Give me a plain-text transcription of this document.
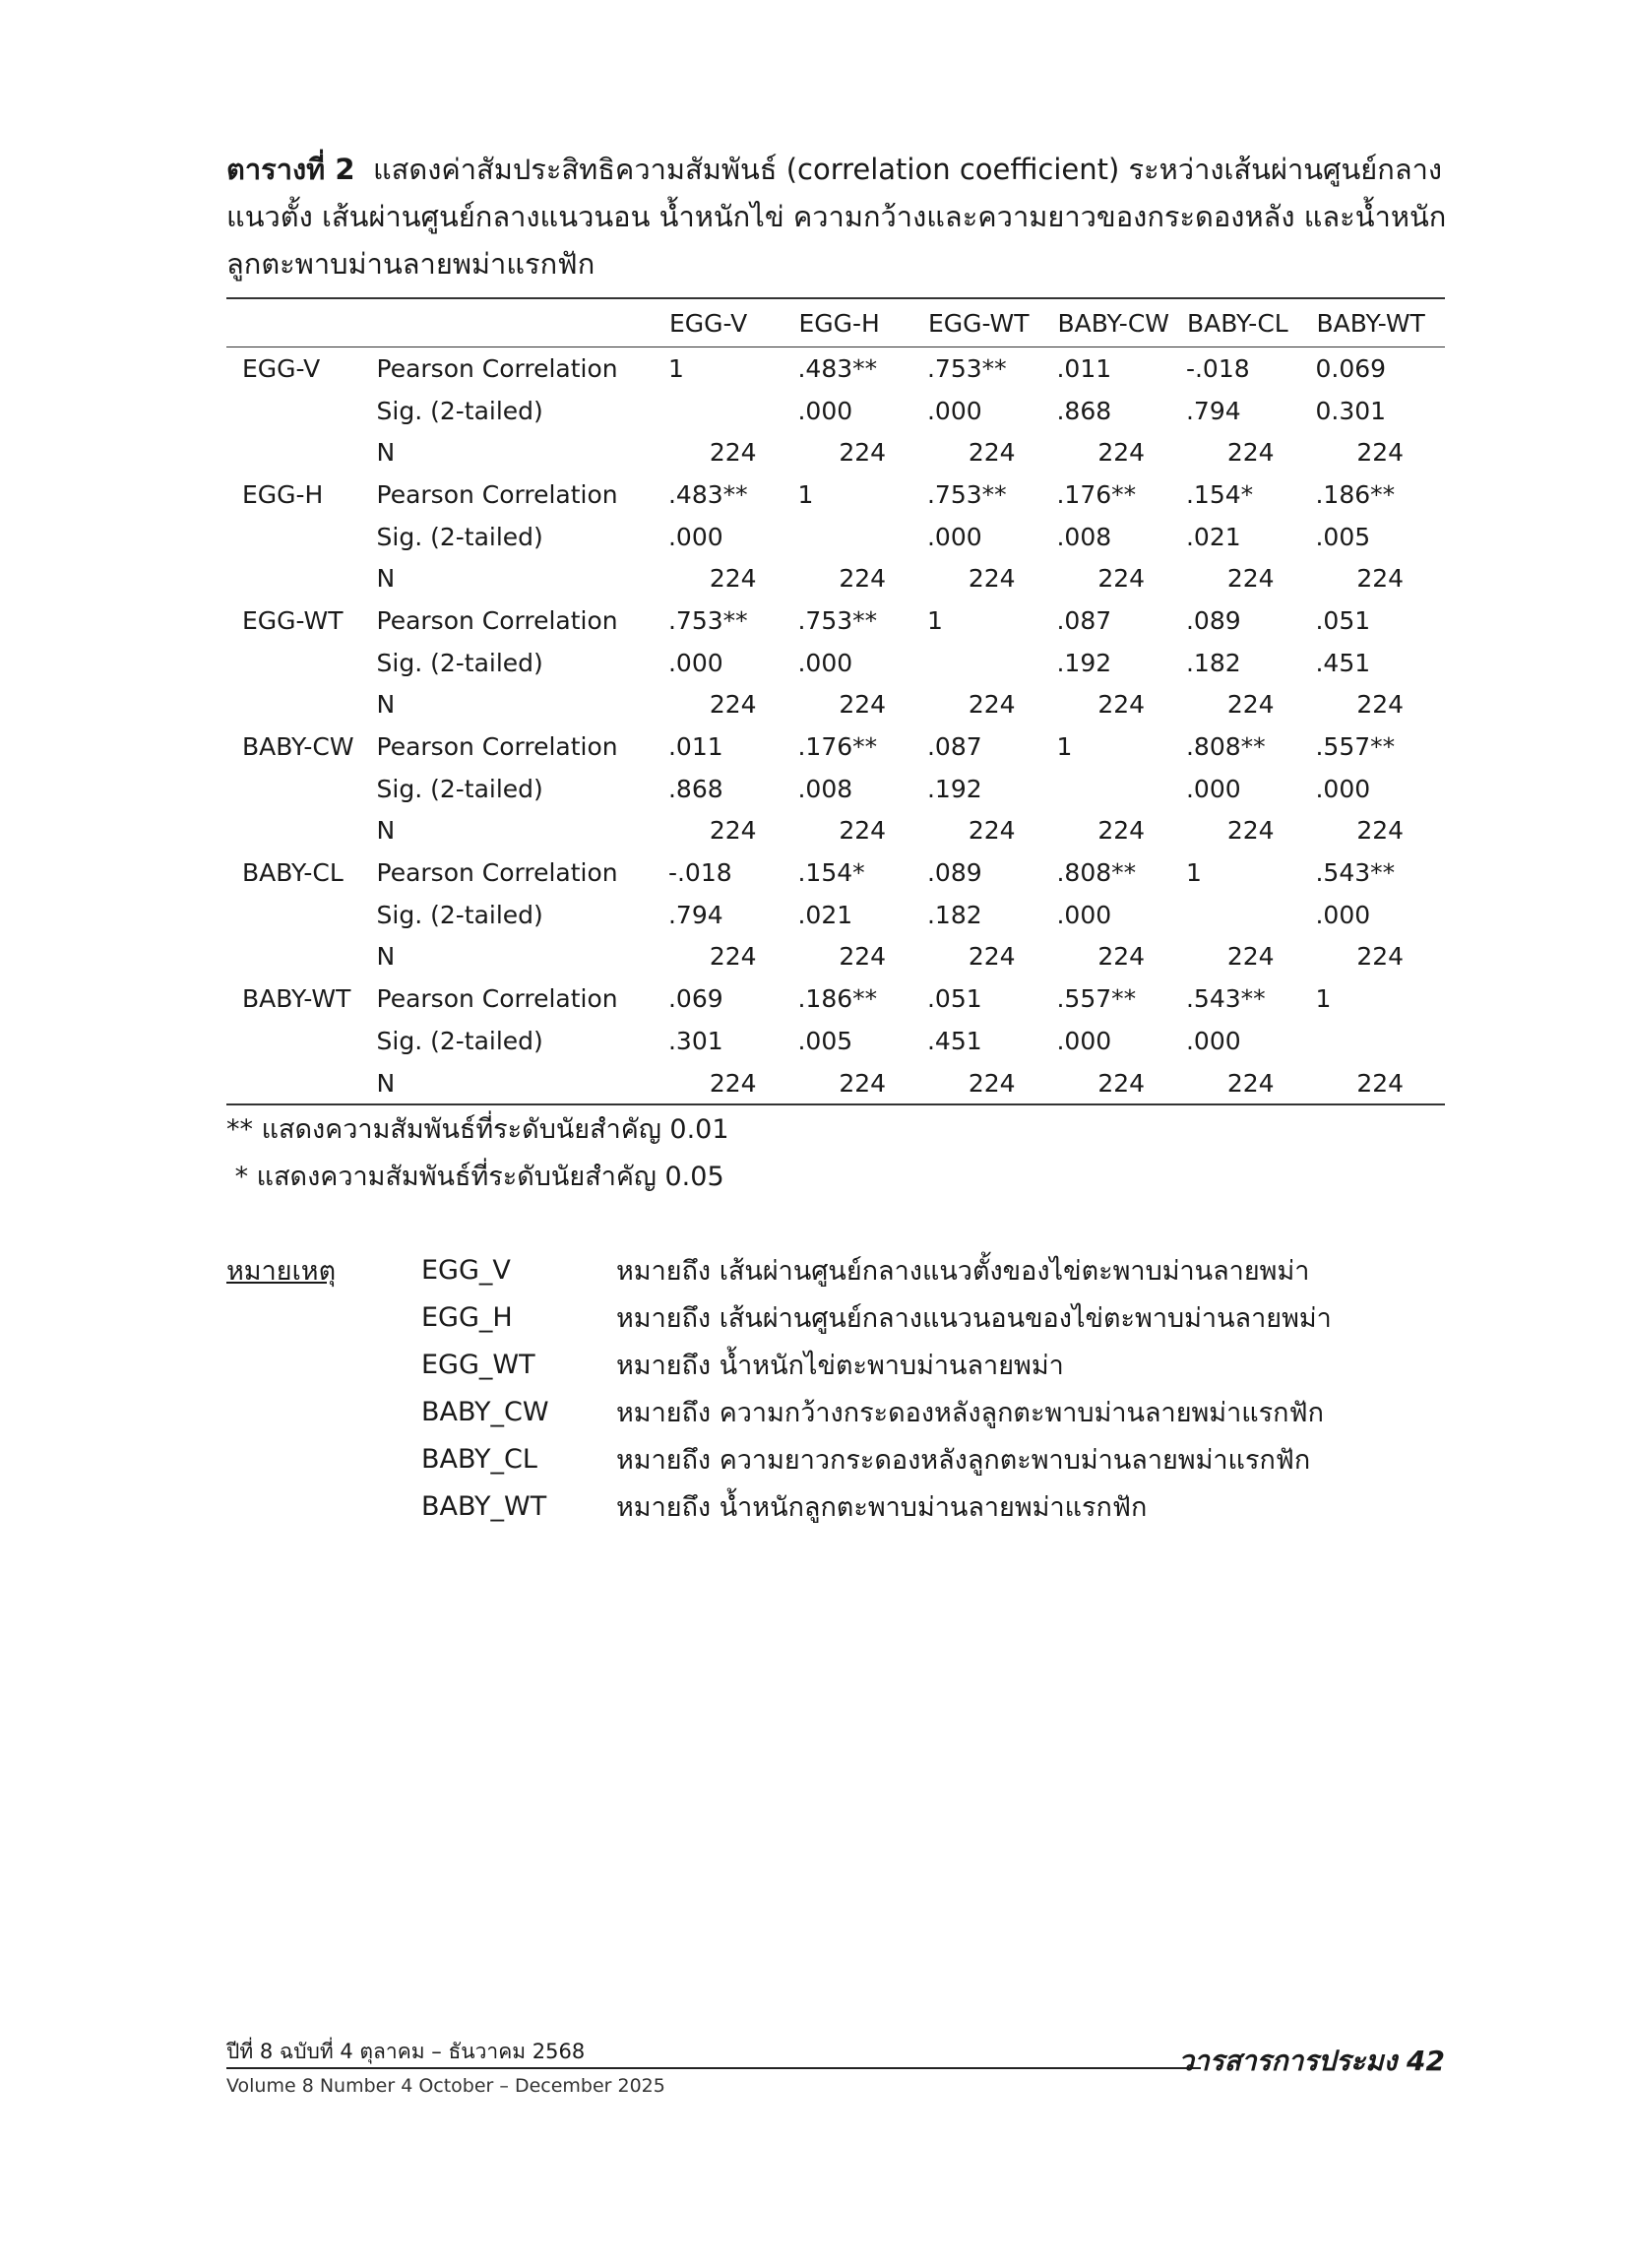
ตารางที่ 2 แสดงค่าสัมประสิทธิความสัมพันธ์ (correlation coefficient) ระหว่างเส้นผ่านศูนย์กลางแนวตั้ง เส้นผ่านศูนย์กลางแนวนอน น้ำหนักไข่ ความกว้างและความยาวของกระดองหลัง และน้ำหนักลูกตะพาบม่านลายพม่าแรกฟัก
		EGG-V	EGG-H	EGG-WT	BABY-CW	BABY-CL	BABY-WT
EGG-V	Pearson Correlation	1	.483**	.753**	.011	-.018	0.069
	Sig. (2-tailed)		.000	.000	.868	.794	0.301
	N	224	224	224	224	224	224
EGG-H	Pearson Correlation	.483**	1	.753**	.176**	.154*	.186**
	Sig. (2-tailed)	.000		.000	.008	.021	.005
	N	224	224	224	224	224	224
EGG-WT	Pearson Correlation	.753**	.753**	1	.087	.089	.051
	Sig. (2-tailed)	.000	.000		.192	.182	.451
	N	224	224	224	224	224	224
BABY-CW	Pearson Correlation	.011	.176**	.087	1	.808**	.557**
	Sig. (2-tailed)	.868	.008	.192		.000	.000
	N	224	224	224	224	224	224
BABY-CL	Pearson Correlation	-.018	.154*	.089	.808**	1	.543**
	Sig. (2-tailed)	.794	.021	.182	.000		.000
	N	224	224	224	224	224	224
BABY-WT	Pearson Correlation	.069	.186**	.051	.557**	.543**	1
	Sig. (2-tailed)	.301	.005	.451	.000	.000	
	N	224	224	224	224	224	224
** แสดงความสัมพันธ์ที่ระดับนัยสำคัญ 0.01
* แสดงความสัมพันธ์ที่ระดับนัยสำคัญ 0.05
หมายเหตุ	EGG_V	หมายถึง เส้นผ่านศูนย์กลางแนวตั้งของไข่ตะพาบม่านลายพม่า
EGG_H	หมายถึง เส้นผ่านศูนย์กลางแนวนอนของไข่ตะพาบม่านลายพม่า
EGG_WT	หมายถึง น้ำหนักไข่ตะพาบม่านลายพม่า
BABY_CW	หมายถึง ความกว้างกระดองหลังลูกตะพาบม่านลายพม่าแรกฟัก
BABY_CL	หมายถึง ความยาวกระดองหลังลูกตะพาบม่านลายพม่าแรกฟัก
BABY_WT	หมายถึง น้ำหนักลูกตะพาบม่านลายพม่าแรกฟัก
ปีที่ 8 ฉบับที่ 4 ตุลาคม – ธันวาคม 2568
Volume 8 Number 4 October – December 2025
วารสารการประมง 42
